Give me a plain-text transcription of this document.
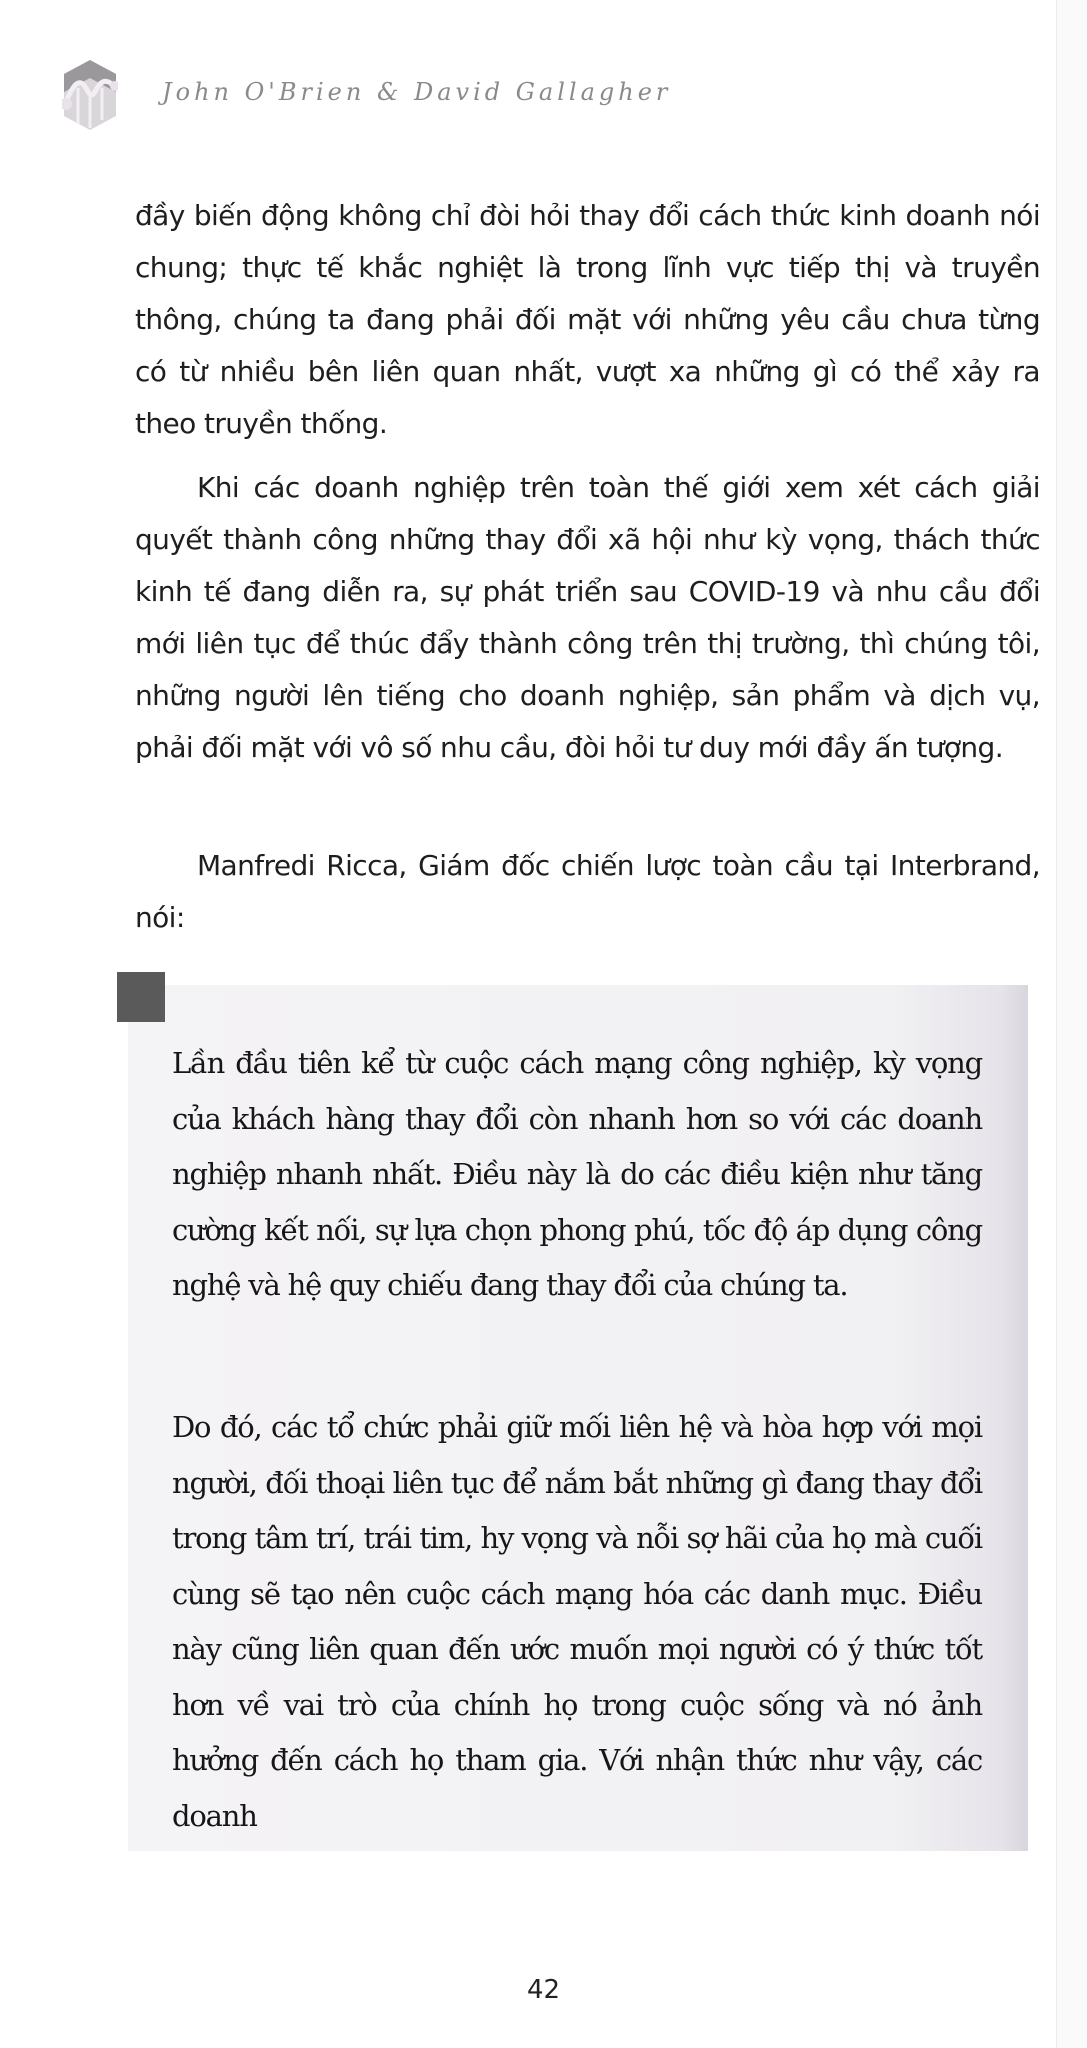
John O'Brien & David Gallagher

đầy biến động không chỉ đòi hỏi thay đổi cách thức kinh doanh nói chung; thực tế khắc nghiệt là trong lĩnh vực tiếp thị và truyền thông, chúng ta đang phải đối mặt với những yêu cầu chưa từng có từ nhiều bên liên quan nhất, vượt xa những gì có thể xảy ra theo truyền thống.

Khi các doanh nghiệp trên toàn thế giới xem xét cách giải quyết thành công những thay đổi xã hội như kỳ vọng, thách thức kinh tế đang diễn ra, sự phát triển sau COVID-19 và nhu cầu đổi mới liên tục để thúc đẩy thành công trên thị trường, thì chúng tôi, những người lên tiếng cho doanh nghiệp, sản phẩm và dịch vụ, phải đối mặt với vô số nhu cầu, đòi hỏi tư duy mới đầy ấn tượng.

Manfredi Ricca, Giám đốc chiến lược toàn cầu tại Interbrand, nói:

Lần đầu tiên kể từ cuộc cách mạng công nghiệp, kỳ vọng của khách hàng thay đổi còn nhanh hơn so với các doanh nghiệp nhanh nhất. Điều này là do các điều kiện như tăng cường kết nối, sự lựa chọn phong phú, tốc độ áp dụng công nghệ và hệ quy chiếu đang thay đổi của chúng ta.

Do đó, các tổ chức phải giữ mối liên hệ và hòa hợp với mọi người, đối thoại liên tục để nắm bắt những gì đang thay đổi trong tâm trí, trái tim, hy vọng và nỗi sợ hãi của họ mà cuối cùng sẽ tạo nên cuộc cách mạng hóa các danh mục. Điều này cũng liên quan đến ước muốn mọi người có ý thức tốt hơn về vai trò của chính họ trong cuộc sống và nó ảnh hưởng đến cách họ tham gia. Với nhận thức như vậy, các doanh

42
